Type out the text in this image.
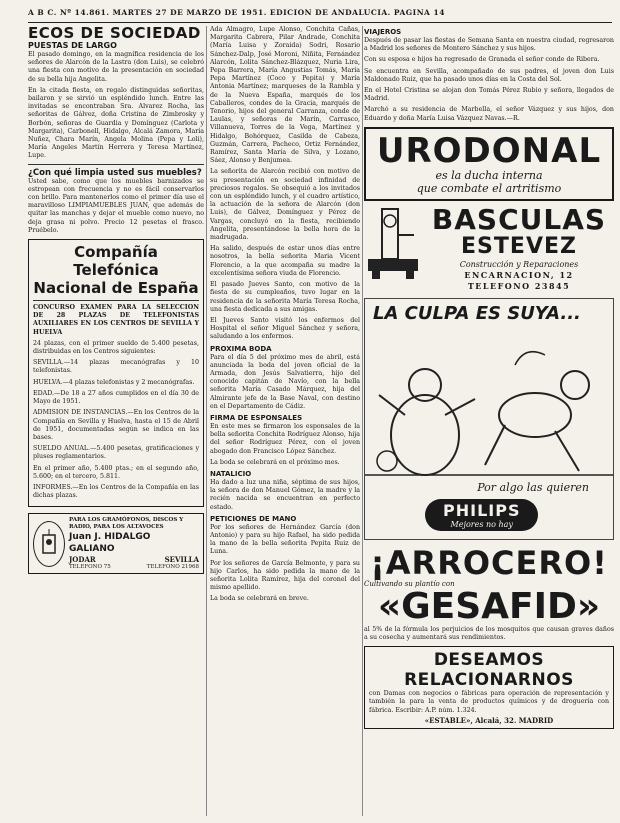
A B C. Nº 14.861. MARTES 27 DE MARZO DE 1951. EDICION DE ANDALUCIA. PAGINA 14
ECOS DE SOCIEDAD
PUESTAS DE LARGO

El pasado domingo, en la magnífica residencia de los señores de Alarcón de la Lastra (don Luis), se celebró una fiesta con motivo de la presentación en sociedad de su bella hija Angelita.

En la citada fiesta, en regalo distinguidas señoritas, bailaron y se sirvió un espléndido lunch. Entre las invitadas se encontraban Sra. Alvarez Rocha, las señoritas de Gálvez, doña Cristina de Zimbrosky y Borbón, señoras de Guardia y Domínguez (Carlota y Margarita), Carbonell, Hidalgo, Alcalá Zamora, María Nuñez, Chara Marín, Angela Molina (Pepa y Loli), María Angeles Martín Herrera y Teresa Martínez, Lupe.

¿Con qué limpia usted sus muebles?

Usted sabe, como que los muebles barnizados se estropean con frecuencia y no es fácil conservarlos con brillo. Para mantenerlos como el primer día use el maravilloso LIMPIAMUEBLES JUAN, que además de quitar las manchas y dejar el mueble como nuevo, no deja grasa ni polvo. Precio 12 pesetas el frasco. Pruébelo.

Compañía Telefónica
Nacional de España

CONCURSO EXAMEN PARA LA SELECCION DE 28 PLAZAS DE TELEFONISTAS AUXILIARES EN LOS CENTROS DE SEVILLA Y HUELVA

24 plazas, con el primer sueldo de 5.400 pesetas, distribuidas en los Centros siguientes:

SEVILLA.—14 plazas mecanógrafas y 10 telefonistas.

HUELVA.—4 plazas telefonistas y 2 mecanógrafas.

EDAD.—De 18 a 27 años cumplidos en el día 30 de Mayo de 1951.

ADMISION DE INSTANCIAS.—En los Centros de la Compañía en Sevilla y Huelva, hasta el 15 de Abril de 1951, documentadas según se indica en las bases.

SUELDO ANUAL.—5.400 pesetas, gratificaciones y pluses reglamentarios.

En el primer año, 5.400 ptas.; en el segundo año, 5.600; en el tercero, 5.811.

INFORMES.—En los Centros de la Compañía en las dichas plazas.

PARA LOS GRAMÓFONOS, DISCOS Y RADIO, PARA LOS ALTAVOCES
Juan J. HIDALGO GALIANO
JODAR	SEVILLA
TELEFONO 75	TELEFONO 21968

Ada Almagro, Lupe Alonso, Conchita Cañas, Margarita Cabrera, Pilar Andrade, Conchita (María Luisa y Zoraida) Sodri, Rosario Sánchez-Dalp, José Moroni, Niñita, Fernández Alarcón, Lolita Sánchez-Blázquez, Nuria Lira, Pepa Barrera, María Angustias Tomás, María Pepa Martínez (Coco y Pepita) y María Antonia Martínez; marqueses de la Rambla y de la Nueva España, marqués de los Caballeros, condes de la Gracia, marqués de Tenorio, hijos del general Carranza, conde de Laulas, y señoras de Marín, Carrasco, Villanueva, Torres de la Vega, Martínez y Hidalgo, Bohórquez, Casilda de Cabeza, Guzmán, Carrera, Pacheco, Ortiz Fernández, Ramírez, Santa María de Silva, y Lozano, Sáez, Alonso y Benjumea.

La señorita de Alarcón recibió con motivo de su presentación en sociedad infinidad de preciosos regalos. Se obsequió a los invitados con un espléndido lunch, y el cuadro artístico, la actuación de la señora de Alarcón (don Luis), de Gálvez, Domínguez y Pérez de Vargas, concluyó en la fiesta, recibiendo Angelita, presentándose la bella hora de la madrugada.

Ha salido, después de estar unos días entre nosotros, la bella señorita Maria Vicent Florencio, a la que acompaña su madre la excelentísima señora viuda de Florencio.

El pasado Jueves Santo, con motivo de la fiesta de su cumpleaños, tuvo lugar en la residencia de la señorita María Teresa Rocha, una fiesta dedicada a sus amigas.

El Jueves Santo visitó los enfermos del Hospital el señor Miguel Sánchez y señora, saludando a los enfermos.

PROXIMA BODA

Para el día 5 del próximo mes de abril, está anunciada la boda del joven oficial de la Armada, don Jesús Salvatierra, hijo del conocido capitán de Navío, con la bella señorita María Casado Márquez, hija del Almirante jefe de la Base Naval, con destino en el Departamento de Cádiz.

FIRMA DE ESPONSALES

En este mes se firmaron los esponsales de la bella señorita Conchita Rodríguez Alonso, hija del señor Rodríguez Pérez, con el joven abogado don Francisco López Sánchez.

La boda se celebrará en el próximo mes.

NATALICIO

Ha dado a luz una niña, séptima de sus hijos, la señora de don Manuel Gómez, la madre y la recién nacida se encuentran en perfecto estado.

PETICIONES DE MANO

Por los señores de Hernández García (don Antonio) y para su hijo Rafael, ha sido pedida la mano de la bella señorita Pepita Ruiz de Luna.

Por los señores de García Belmonte, y para su hijo Carlos, ha sido pedida la mano de la señorita Lolita Ramírez, hija del coronel del mismo apellido.

La boda se celebrará en breve.

VIAJEROS

Después de pasar las fiestas de Semana Santa en nuestra ciudad, regresaron a Madrid los señores de Montero Sánchez y sus hijos.

Con su esposa e hijos ha regresado de Granada el señor conde de Ribera.

Se encuentra en Sevilla, acompañado de sus padres, el joven don Luis Maldonado Ruiz, que ha pasado unos días en la Costa del Sol.

En el Hotel Cristina se alojan don Tomás Pérez Rubio y señora, llegados de Madrid.

Marchó a su residencia de Marbella, el señor Vázquez y sus hijos, don Eduardo y doña María Luisa Vázquez Navas.—R.

URODONAL
es la ducha interna
que combate el artritismo
BASCULAS
ESTEVEZ
Construcción y Reparaciones
ENCARNACION, 12
TELEFONO 23845
LA CULPA ES SUYA...
Por algo las quieren
PHILIPS
Mejores no hay
¡ARROCERO!
Cultivando su plantío con
«GESAFID»

al 5% de la fórmula los perjuicios de los mosquitos que causan graves daños a su cosecha y aumentará sus rendimientos.

DESEAMOS RELACIONARNOS

con Damas con negocios o fábricas para operación de representación y también la para la venta de productos químicos y de droguería con fábrica. Escribir: A.P. núm. 1.324.

«ESTABLE», Alcalá, 32. MADRID
